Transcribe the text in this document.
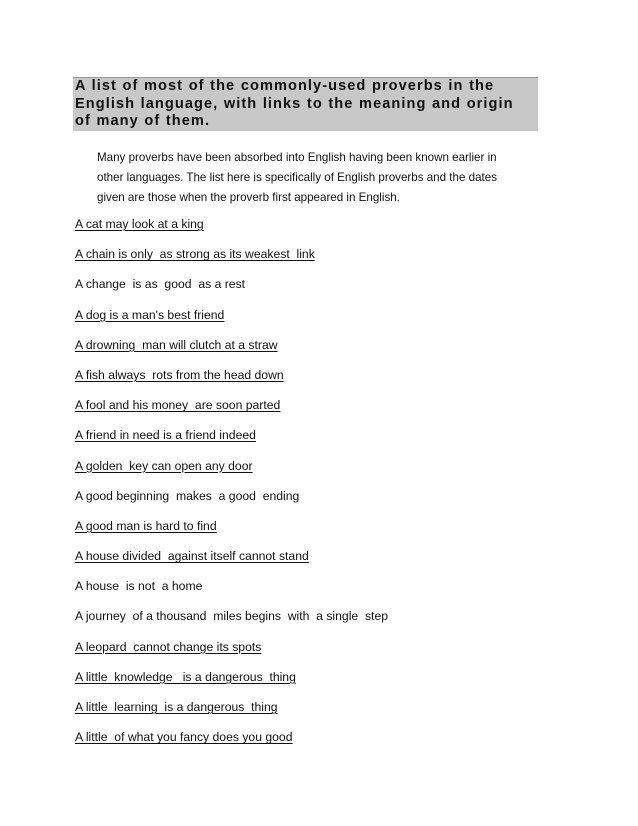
A list of most of the commonly-used proverbs in the
English language, with links to the meaning and origin
of many of them.

Many proverbs have been absorbed into English having been known earlier in
other languages. The list here is specifically of English proverbs and the dates
given are those when the proverb first appeared in English.

A cat may look at a king
A chain is only  as strong as its weakest  link
A change  is as  good  as a rest
A dog is a man's best friend
A drowning  man will clutch at a straw
A fish always  rots from the head down
A fool and his money  are soon parted
A friend in need is a friend indeed
A golden  key can open any door
A good beginning  makes  a good  ending
A good man is hard to find
A house divided  against itself cannot stand
A house  is not  a home
A journey  of a thousand  miles begins  with  a single  step
A leopard  cannot change its spots
A little  knowledge   is a dangerous  thing
A little  learning  is a dangerous  thing
A little  of what you fancy does you good
